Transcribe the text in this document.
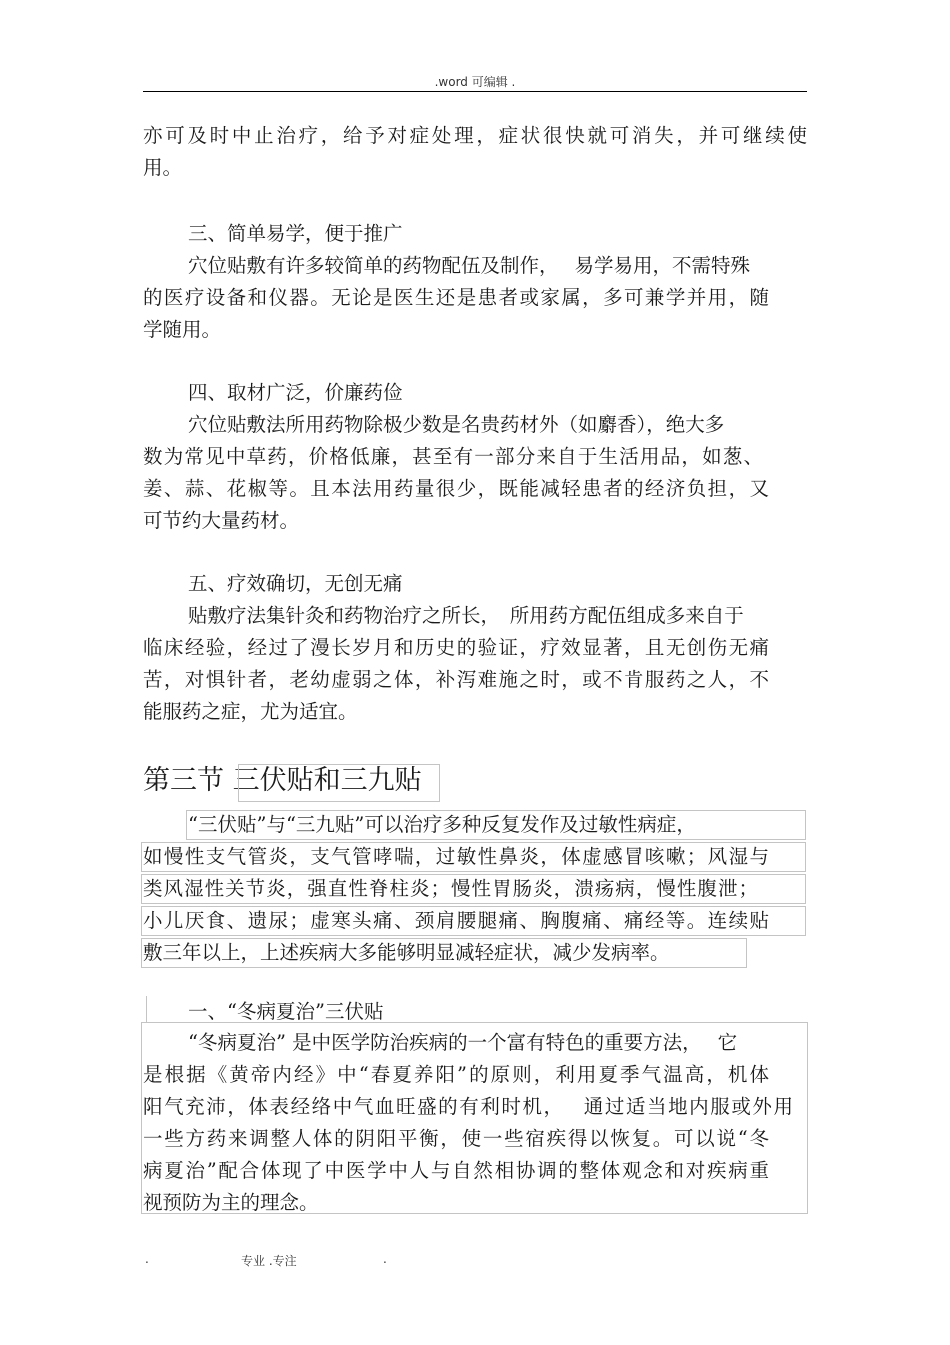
.word 可编辑 .
亦可及时中止治疗，给予对症处理，症状很快就可消失，并可继续使
用。
三、简单易学，便于推广
穴位贴敷有许多较简单的药物配伍及制作，　 易学易用，不需特殊
的医疗设备和仪器。无论是医生还是患者或家属，多可兼学并用，随
学随用。
四、取材广泛，价廉药俭
穴位贴敷法所用药物除极少数是名贵药材外（如麝香），绝大多
数为常见中草药，价格低廉，甚至有一部分来自于生活用品，如葱、
姜、蒜、花椒等。且本法用药量很少，既能减轻患者的经济负担，又
可节约大量药材。
五、疗效确切，无创无痛
贴敷疗法集针灸和药物治疗之所长，　所用药方配伍组成多来自于
临床经验，经过了漫长岁月和历史的验证，疗效显著，且无创伤无痛
苦，对惧针者，老幼虚弱之体，补泻难施之时，或不肯服药之人，不
能服药之症，尤为适宜。
第三节 三伏贴和三九贴
“三伏贴”与“三九贴”可以治疗多种反复发作及过敏性病症，
如慢性支气管炎，支气管哮喘，过敏性鼻炎，体虚感冒咳嗽；风湿与
类风湿性关节炎，强直性脊柱炎；慢性胃肠炎，溃疡病，慢性腹泄；
小儿厌食、遗尿；虚寒头痛、颈肩腰腿痛、胸腹痛、痛经等。连续贴
敷三年以上，上述疾病大多能够明显减轻症状，减少发病率。
一、“冬病夏治”三伏贴
“冬病夏治” 是中医学防治疾病的一个富有特色的重要方法，　 它
是根据《黄帝内经》中“春夏养阳”的原则，利用夏季气温高，机体
阳气充沛，体表经络中气血旺盛的有利时机，　 通过适当地内服或外用
一些方药来调整人体的阴阳平衡，使一些宿疾得以恢复。可以说“冬
病夏治”配合体现了中医学中人与自然相协调的整体观念和对疾病重
视预防为主的理念。
.	专业 .专注	.
